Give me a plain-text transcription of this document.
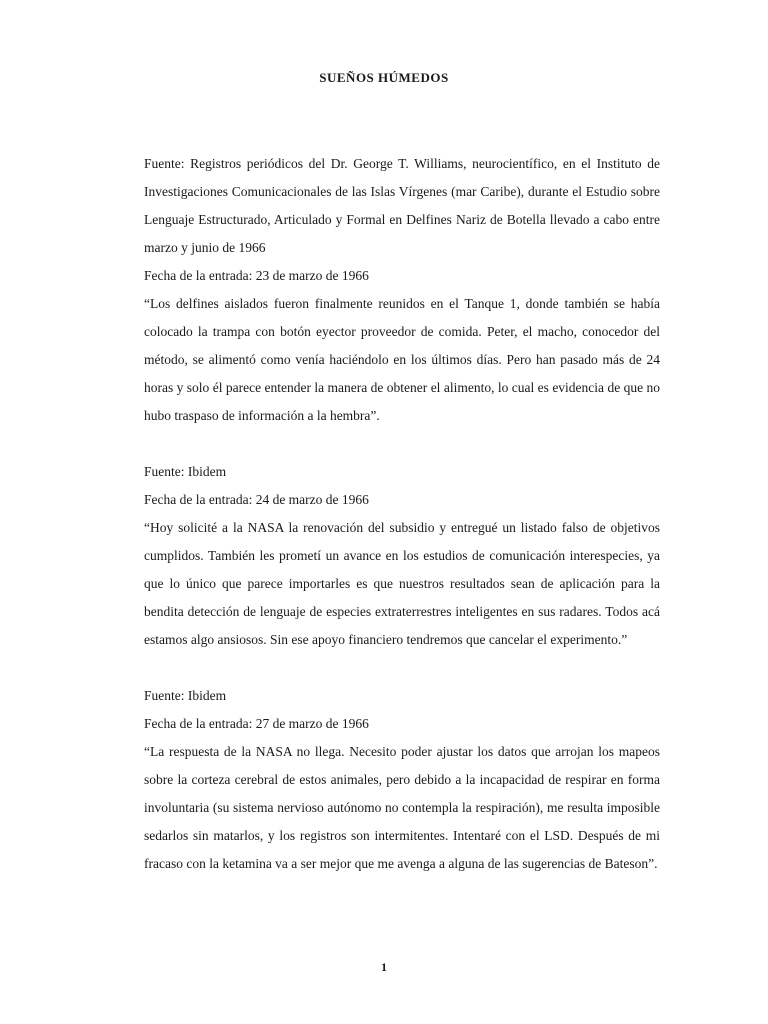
SUEÑOS HÚMEDOS

Fuente: Registros periódicos del Dr. George T. Williams, neurocientífico, en el Instituto de Investigaciones Comunicacionales de las Islas Vírgenes (mar Caribe), durante el Estudio sobre Lenguaje Estructurado, Articulado y Formal en Delfines Nariz de Botella llevado a cabo entre marzo y junio de 1966

Fecha de la entrada: 23 de marzo de 1966

“Los delfines aislados fueron finalmente reunidos en el Tanque 1, donde también se había colocado la trampa con botón eyector proveedor de comida. Peter, el macho, conocedor del método, se alimentó como venía haciéndolo en los últimos días. Pero han pasado más de 24 horas y solo él parece entender la manera de obtener el alimento, lo cual es evidencia de que no hubo traspaso de información a la hembra”.

Fuente: Ibidem

Fecha de la entrada: 24 de marzo de 1966

“Hoy solicité a la NASA la renovación del subsidio y entregué un listado falso de objetivos cumplidos. También les prometí un avance en los estudios de comunicación interespecies, ya que lo único que parece importarles es que nuestros resultados sean de aplicación para la bendita detección de lenguaje de especies extraterrestres inteligentes en sus radares. Todos acá estamos algo ansiosos. Sin ese apoyo financiero tendremos que cancelar el experimento.”

Fuente: Ibidem

Fecha de la entrada: 27 de marzo de 1966

“La respuesta de la NASA no llega. Necesito poder ajustar los datos que arrojan los mapeos sobre la corteza cerebral de estos animales, pero debido a la incapacidad de respirar en forma involuntaria (su sistema nervioso autónomo no contempla la respiración), me resulta imposible sedarlos sin matarlos, y los registros son intermitentes. Intentaré con el LSD. Después de mi fracaso con la ketamina va a ser mejor que me avenga a alguna de las sugerencias de Bateson”.

1
